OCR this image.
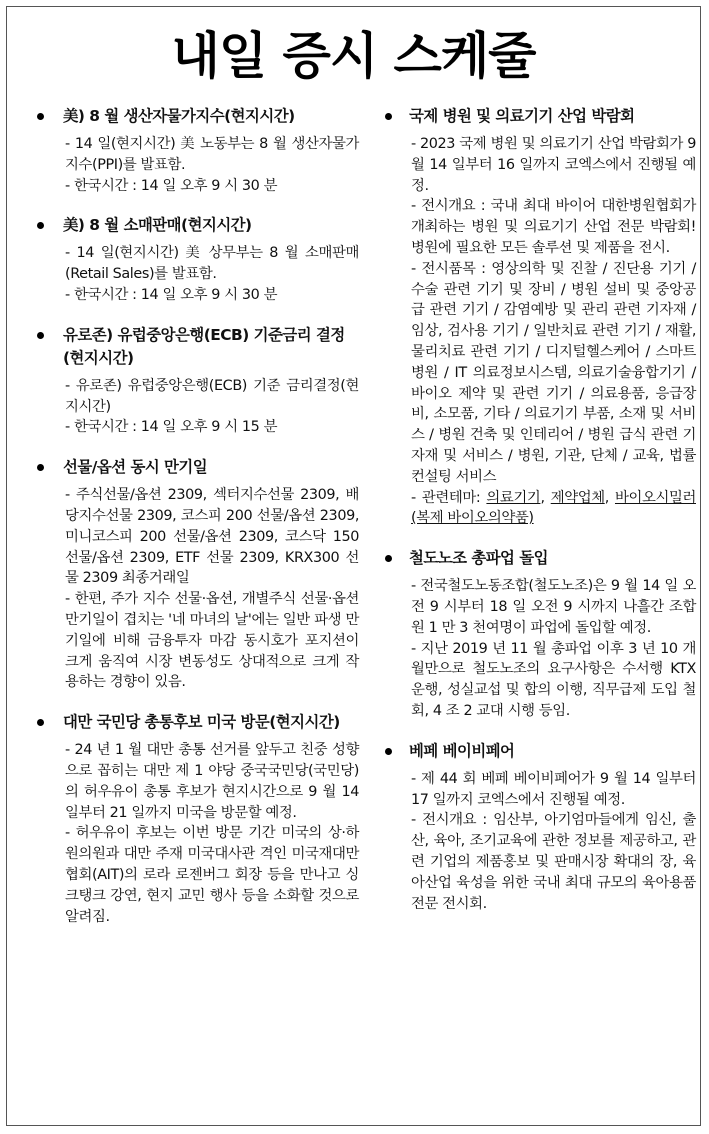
내일 증시 스케줄
美) 8 월 생산자물가지수(현지시간)

- 14 일(현지시간) 美 노동부는 8 월 생산자물가지수(PPI)를 발표함.

- 한국시간 : 14 일 오후 9 시 30 분

美) 8 월 소매판매(현지시간)

- 14 일(현지시간) 美 상무부는 8 월 소매판매(Retail Sales)를 발표함.

- 한국시간 : 14 일 오후 9 시 30 분

유로존) 유럽중앙은행(ECB) 기준금리 결정(현지시간)

- 유로존) 유럽중앙은행(ECB) 기준 금리결정(현지시간)

- 한국시간 : 14 일 오후 9 시 15 분

선물/옵션 동시 만기일

- 주식선물/옵션 2309, 섹터지수선물 2309, 배당지수선물 2309, 코스피 200 선물/옵션 2309, 미니코스피 200 선물/옵션 2309, 코스닥 150 선물/옵션 2309, ETF 선물 2309, KRX300 선물 2309 최종거래일

- 한편, 주가 지수 선물·옵션, 개별주식 선물·옵션 만기일이 겹치는 '네 마녀의 날'에는 일반 파생 만기일에 비해 금융투자 마감 동시호가 포지션이 크게 움직여 시장 변동성도 상대적으로 크게 작용하는 경향이 있음.

대만 국민당 총통후보 미국 방문(현지시간)

- 24 년 1 월 대만 총통 선거를 앞두고 친중 성향으로 꼽히는 대만 제 1 야당 중국국민당(국민당)의 허우유이 총통 후보가 현지시간으로 9 월 14 일부터 21 일까지 미국을 방문할 예정.

- 허우유이 후보는 이번 방문 기간 미국의 상·하원의원과 대만 주재 미국대사관 격인 미국재대만협회(AIT)의 로라 로젠버그 회장 등을 만나고 싱크탱크 강연, 현지 교민 행사 등을 소화할 것으로 알려짐.

국제 병원 및 의료기기 산업 박람회

- 2023 국제 병원 및 의료기기 산업 박람회가 9 월 14 일부터 16 일까지 코엑스에서 진행될 예정.

- 전시개요 : 국내 최대 바이어 대한병원협회가 개최하는 병원 및 의료기기 산업 전문 박람회! 병원에 필요한 모든 솔루션 및 제품을 전시.

- 전시품목 : 영상의학 및 진찰 / 진단용 기기 / 수술 관련 기기 및 장비 / 병원 설비 및 중앙공급 관련 기기 / 감염예방 및 관리 관련 기자재 / 임상, 검사용 기기 / 일반치료 관련 기기 / 재활, 물리치료 관련 기기 / 디지털헬스케어 / 스마트병원 / IT 의료정보시스템, 의료기술융합기기 / 바이오 제약 및 관련 기기 / 의료용품, 응급장비, 소모품, 기타 / 의료기기 부품, 소재 및 서비스 / 병원 건축 및 인테리어 / 병원 급식 관련 기자재 및 서비스 / 병원, 기관, 단체 / 교육, 법률 컨설팅 서비스

- 관련테마: 의료기기, 제약업체, 바이오시밀러(복제 바이오의약품)

철도노조 총파업 돌입

- 전국철도노동조합(철도노조)은 9 월 14 일 오전 9 시부터 18 일 오전 9 시까지 나흘간 조합원 1 만 3 천여명이 파업에 돌입할 예정.

- 지난 2019 년 11 월 총파업 이후 3 년 10 개월만으로 철도노조의 요구사항은 수서행 KTX 운행, 성실교섭 및 합의 이행, 직무급제 도입 철회, 4 조 2 교대 시행 등임.

베페 베이비페어

- 제 44 회 베페 베이비페어가 9 월 14 일부터 17 일까지 코엑스에서 진행될 예정.

- 전시개요 : 임산부, 아기엄마들에게 임신, 출산, 육아, 조기교육에 관한 정보를 제공하고, 관련 기업의 제품홍보 및 판매시장 확대의 장, 육아산업 육성을 위한 국내 최대 규모의 육아용품전문 전시회.
